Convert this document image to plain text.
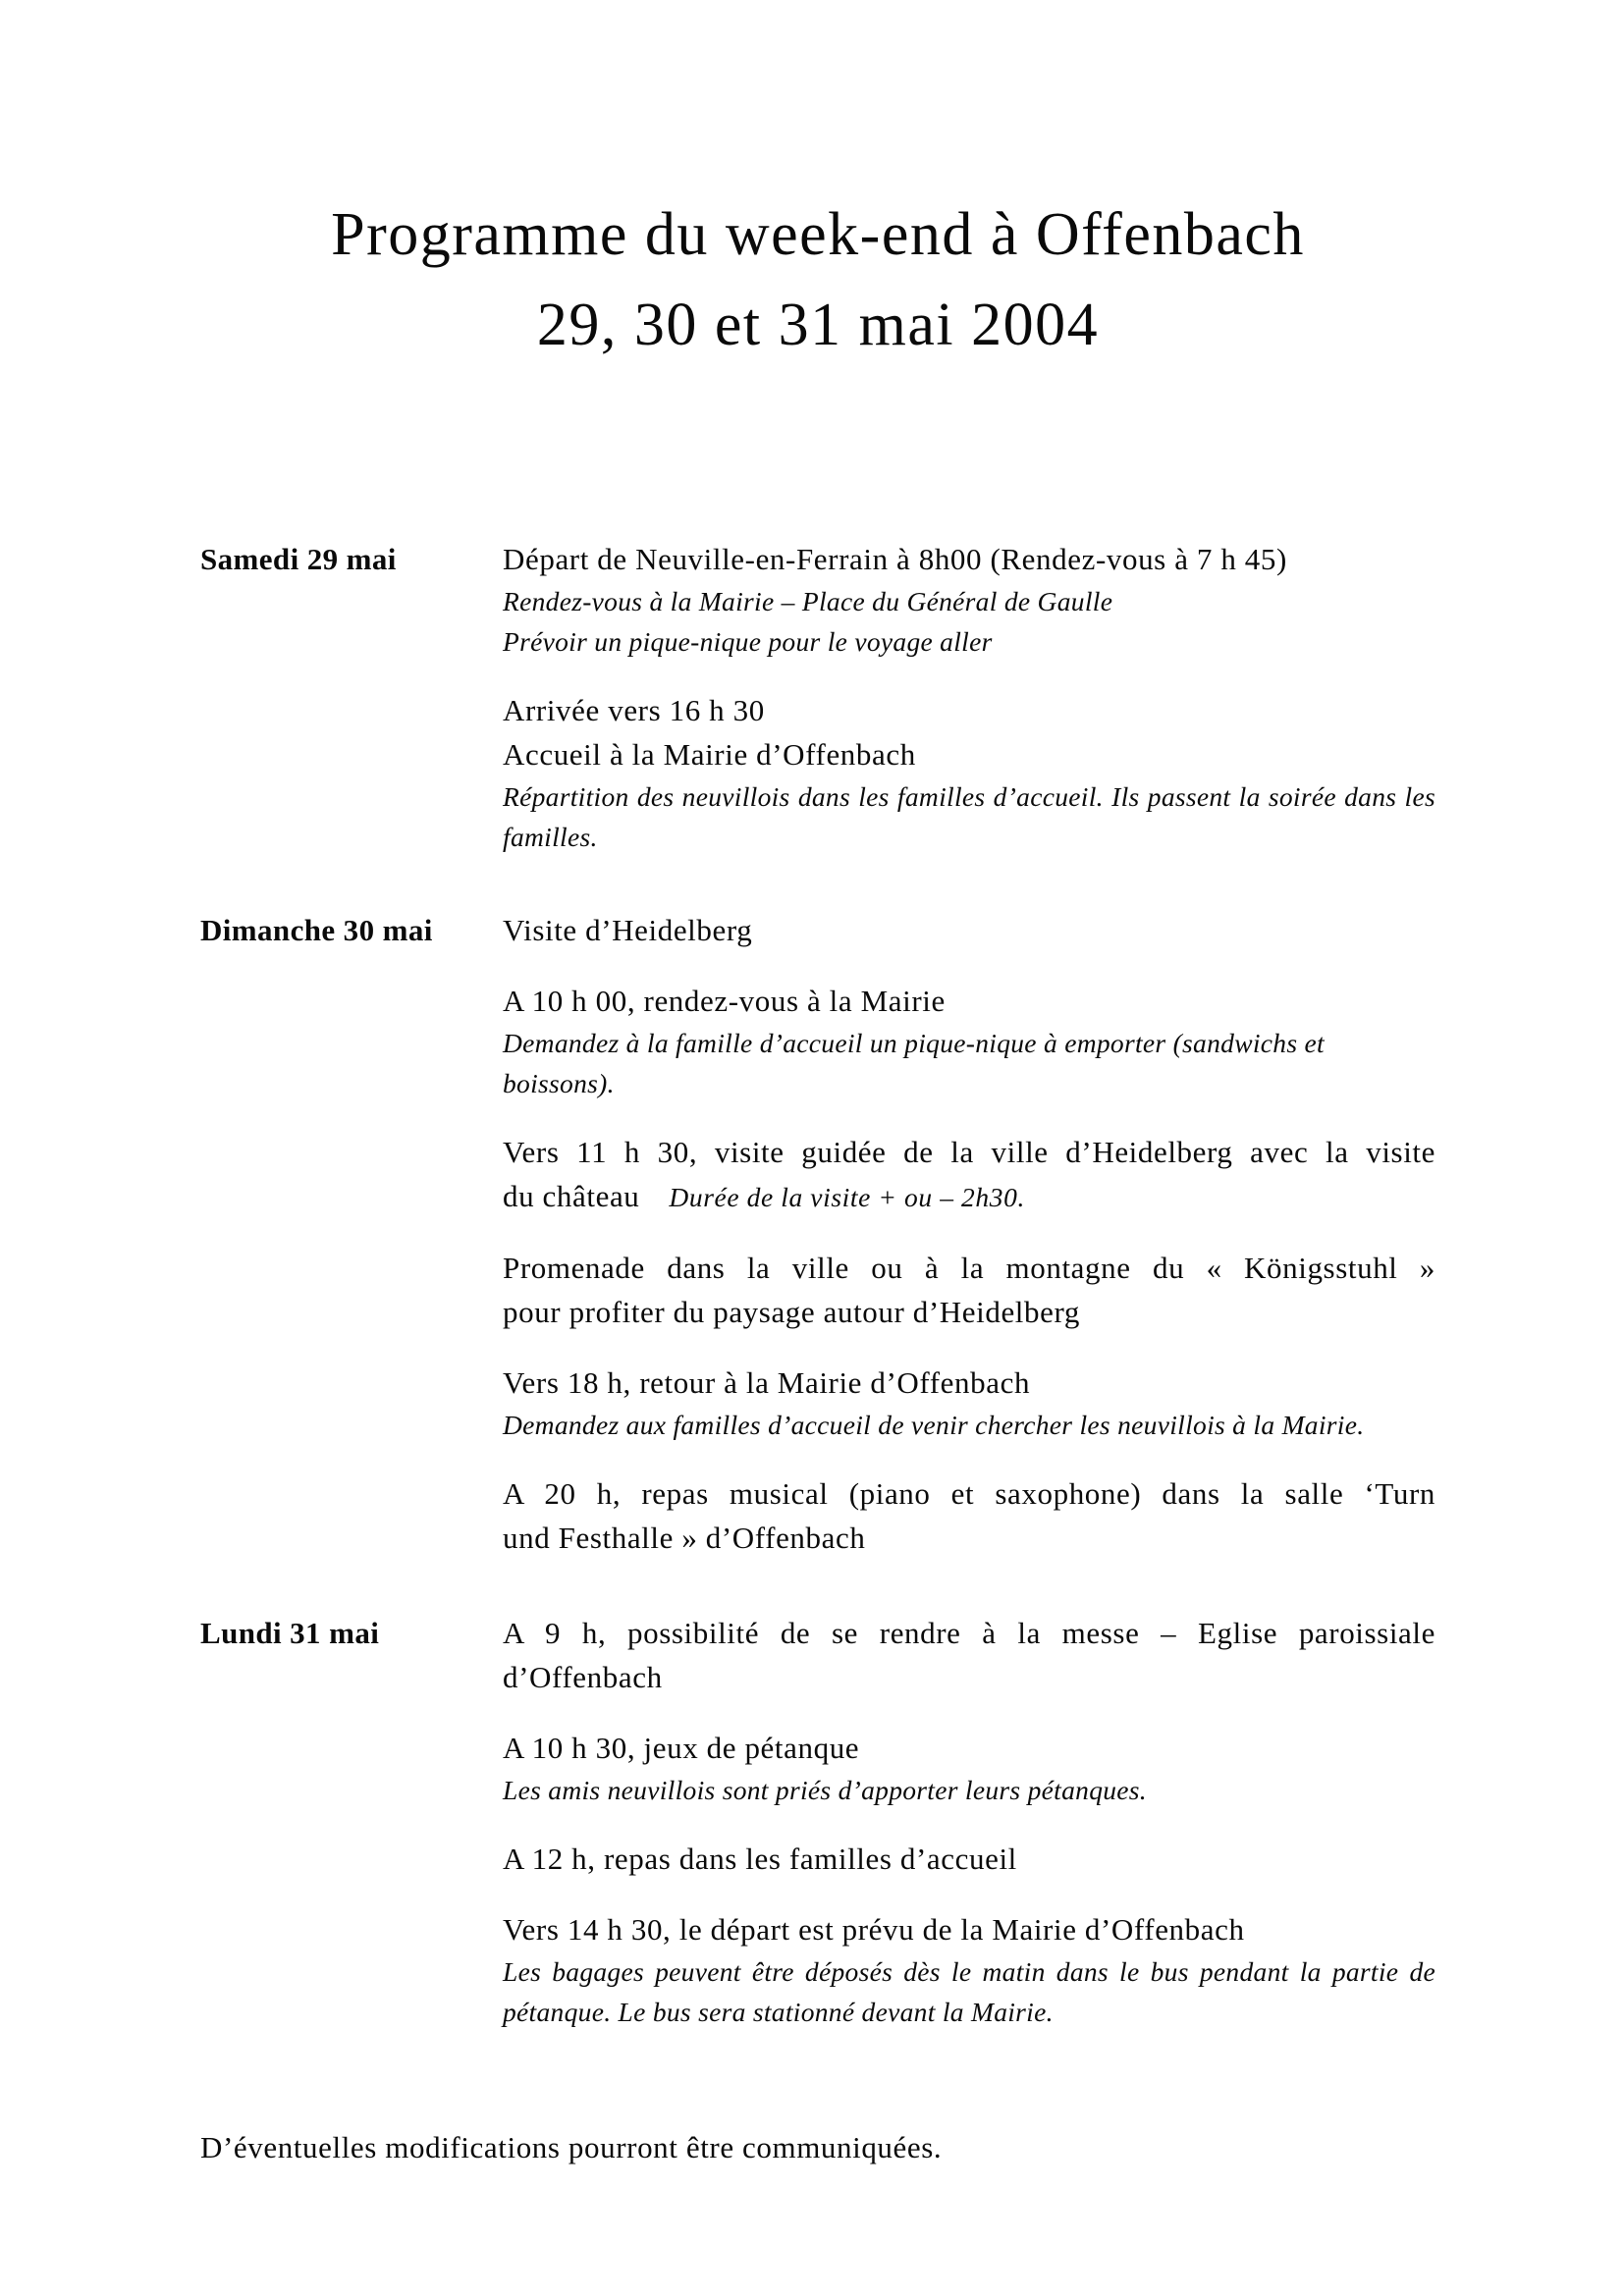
Programme du week-end à Offenbach
29, 30 et 31 mai 2004
Samedi 29 mai	Départ de Neuville-en-Ferrain à 8h00 (Rendez-vous à 7 h 45)
Rendez-vous à la Mairie – Place du Général de Gaulle
Prévoir un pique-nique pour le voyage aller
Arrivée vers 16 h 30
Accueil à la Mairie d’Offenbach
Répartition des neuvillois dans les familles d’accueil. Ils passent la soirée dans les
familles.
Dimanche 30 mai	Visite d’Heidelberg
A 10 h 00, rendez-vous à la Mairie
Demandez à la famille d’accueil un pique-nique à emporter (sandwichs et boissons).
Vers 11 h 30, visite guidée de la ville d’Heidelberg avec la visite
du château Durée de la visite + ou – 2h30.
Promenade dans la ville ou à la montagne du « Königsstuhl »
pour profiter du paysage autour d’Heidelberg
Vers 18 h, retour à la Mairie d’Offenbach
Demandez aux familles d’accueil de venir chercher les neuvillois à la Mairie.
A 20 h, repas musical (piano et saxophone) dans la salle ‘Turn
und Festhalle » d’Offenbach
Lundi 31 mai	A 9 h, possibilité de se rendre à la messe – Eglise paroissiale
d’Offenbach
A 10 h 30, jeux de pétanque
Les amis neuvillois sont priés d’apporter leurs pétanques.
A 12 h, repas dans les familles d’accueil
Vers 14 h 30, le départ est prévu de la Mairie d’Offenbach
Les bagages peuvent être déposés dès le matin dans le bus pendant la partie de
pétanque. Le bus sera stationné devant la Mairie.
D’éventuelles modifications pourront être communiquées.
